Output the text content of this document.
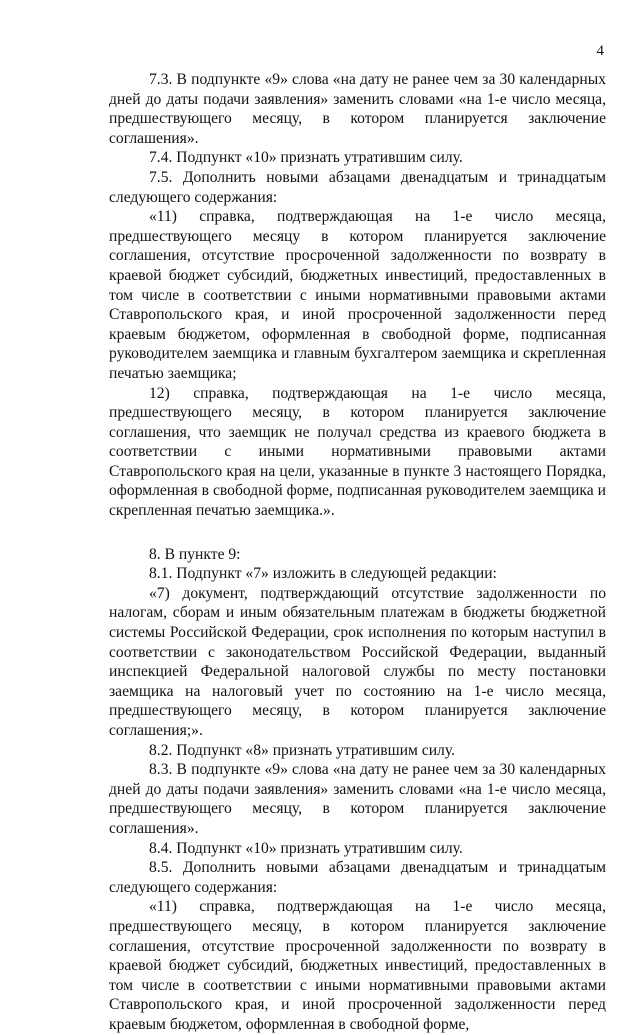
4

7.3. В подпункте «9» слова «на дату не ранее чем за 30 календарных дней до даты подачи заявления» заменить словами «на 1-е число месяца, предшествующего месяцу, в котором планируется заключение соглашения».

7.4. Подпункт «10» признать утратившим силу.

7.5. Дополнить новыми абзацами двенадцатым и тринадцатым следующего содержания:

«11) справка, подтверждающая на 1-е число месяца, предшествующего месяцу в котором планируется заключение соглашения, отсутствие просроченной задолженности по возврату в краевой бюджет субсидий, бюджетных инвестиций, предоставленных в том числе в соответствии с иными нормативными правовыми актами Ставропольского края, и иной просроченной задолженности перед краевым бюджетом, оформленная в свободной форме, подписанная руководителем заемщика и главным бухгалтером заемщика и скрепленная печатью заемщика;

12) справка, подтверждающая на 1-е число месяца, предшествующего месяцу, в котором планируется заключение соглашения, что заемщик не получал средства из краевого бюджета в соответствии с иными нормативными правовыми актами Ставропольского края на цели, указанные в пункте 3 настоящего Порядка, оформленная в свободной форме, подписанная руководителем заемщика и скрепленная печатью заемщика.».

8. В пункте 9:

8.1. Подпункт «7» изложить в следующей редакции:

«7) документ, подтверждающий отсутствие задолженности по налогам, сборам и иным обязательным платежам в бюджеты бюджетной системы Российской Федерации, срок исполнения по которым наступил в соответствии с законодательством Российской Федерации, выданный инспекцией Федеральной налоговой службы по месту постановки заемщика на налоговый учет по состоянию на 1-е число месяца, предшествующего месяцу, в котором планируется заключение соглашения;».

8.2. Подпункт «8» признать утратившим силу.

8.3. В подпункте «9» слова «на дату не ранее чем за 30 календарных дней до даты подачи заявления» заменить словами «на 1-е число месяца, предшествующего месяцу, в котором планируется заключение соглашения».

8.4. Подпункт «10» признать утратившим силу.

8.5. Дополнить новыми абзацами двенадцатым и тринадцатым следующего содержания:

«11) справка, подтверждающая на 1-е число месяца, предшествующего месяцу, в котором планируется заключение соглашения, отсутствие просроченной задолженности по возврату в краевой бюджет субсидий, бюджетных инвестиций, предоставленных в том числе в соответствии с иными нормативными правовыми актами Ставропольского края, и иной просроченной задолженности перед краевым бюджетом, оформленная в свободной форме,
